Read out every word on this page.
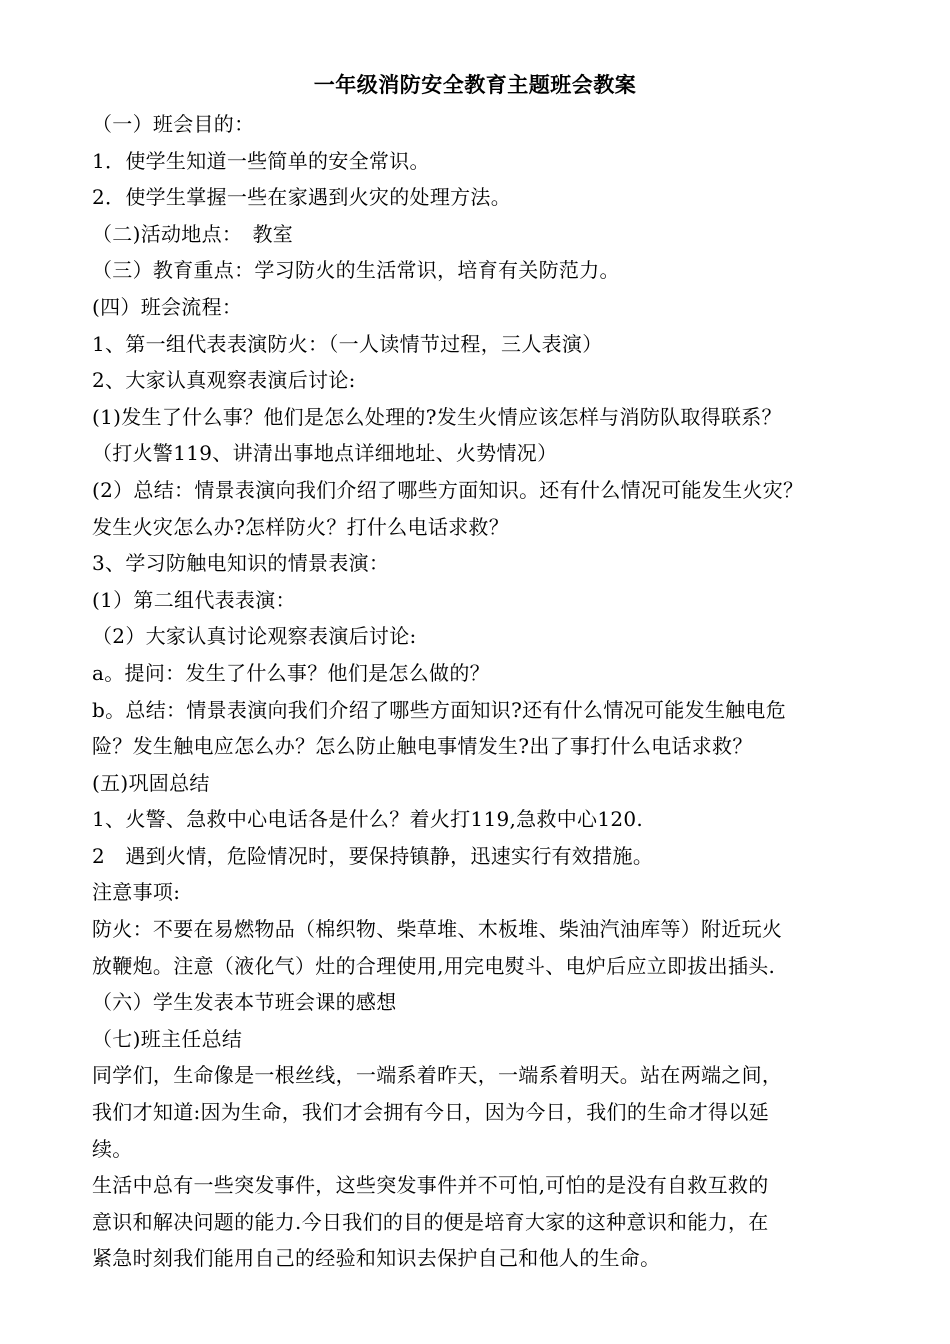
一年级消防安全教育主题班会教案
（一）班会目的：
1．使学生知道一些简单的安全常识。
2．使学生掌握一些在家遇到火灾的处理方法。
（二)活动地点：　教室
（三）教育重点：学习防火的生活常识，培育有关防范力。
(四）班会流程：
1、第一组代表表演防火：（一人读情节过程，三人表演）
2、大家认真观察表演后讨论:
(1)发生了什么事？他们是怎么处理的?发生火情应该怎样与消防队取得联系？
（打火警119、讲清出事地点详细地址、火势情况）
(2）总结：情景表演向我们介绍了哪些方面知识。还有什么情况可能发生火灾？
发生火灾怎么办?怎样防火？打什么电话求救？
3、学习防触电知识的情景表演：
(1）第二组代表表演：
（2）大家认真讨论观察表演后讨论:
a。提问：发生了什么事？他们是怎么做的？
b。总结：情景表演向我们介绍了哪些方面知识?还有什么情况可能发生触电危
险？发生触电应怎么办？怎么防止触电事情发生?出了事打什么电话求救？
(五)巩固总结
1、火警、急救中心电话各是什么？着火打119,急救中心120.
2　遇到火情，危险情况时，要保持镇静，迅速实行有效措施。
注意事项:
防火：不要在易燃物品（棉织物、柴草堆、木板堆、柴油汽油库等）附近玩火
放鞭炮。注意（液化气）灶的合理使用,用完电熨斗、电炉后应立即拔出插头.
（六）学生发表本节班会课的感想
（七)班主任总结
同学们，生命像是一根丝线，一端系着昨天，一端系着明天。站在两端之间，
我们才知道:因为生命，我们才会拥有今日，因为今日，我们的生命才得以延
续。
生活中总有一些突发事件，这些突发事件并不可怕,可怕的是没有自救互救的
意识和解决问题的能力.今日我们的目的便是培育大家的这种意识和能力，在
紧急时刻我们能用自己的经验和知识去保护自己和他人的生命。
